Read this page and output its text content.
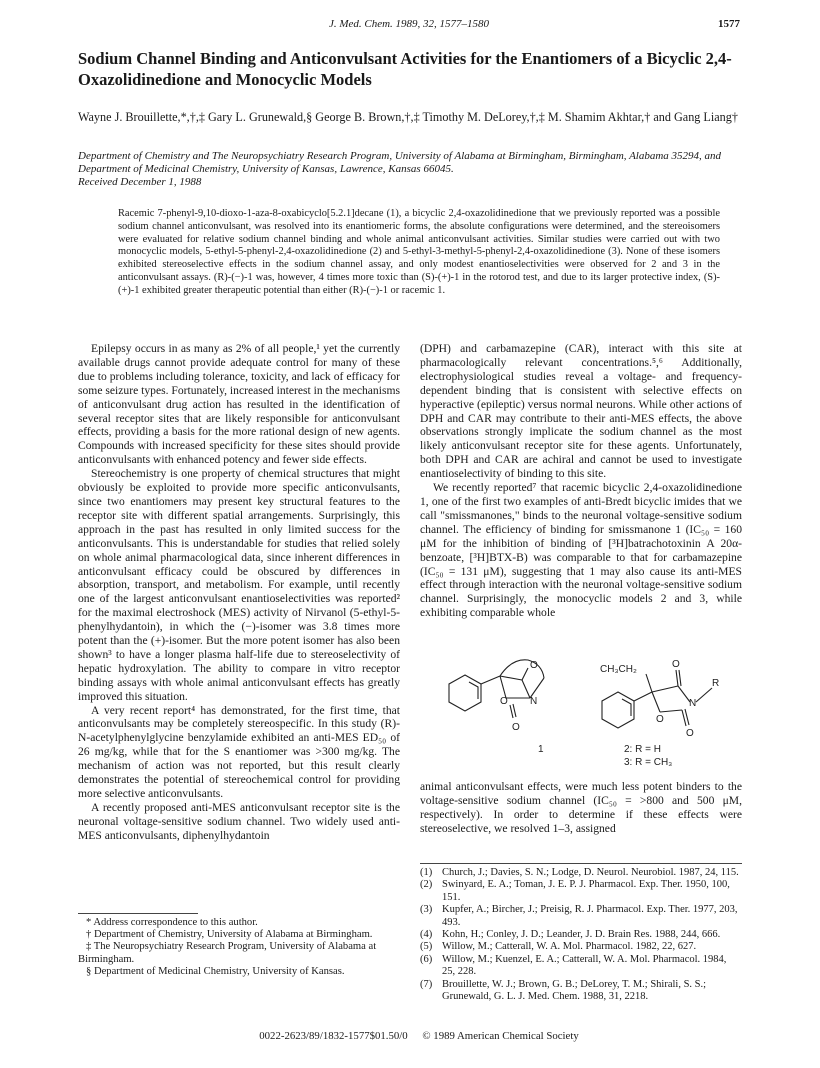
J. Med. Chem. 1989, 32, 1577–1580	1577
Sodium Channel Binding and Anticonvulsant Activities for the Enantiomers of a Bicyclic 2,4-Oxazolidinedione and Monocyclic Models
Wayne J. Brouillette,*,†,‡ Gary L. Grunewald,§ George B. Brown,†,‡ Timothy M. DeLorey,†,‡ M. Shamim Akhtar,† and Gang Liang†
Department of Chemistry and The Neuropsychiatry Research Program, University of Alabama at Birmingham, Birmingham, Alabama 35294, and Department of Medicinal Chemistry, University of Kansas, Lawrence, Kansas 66045.
Received December 1, 1988
Racemic 7-phenyl-9,10-dioxo-1-aza-8-oxabicyclo[5.2.1]decane (1), a bicyclic 2,4-oxazolidinedione that we previously reported was a possible sodium channel anticonvulsant, was resolved into its enantiomeric forms, the absolute configurations were determined, and the stereoisomers were evaluated for relative sodium channel binding and whole animal anticonvulsant activities. Similar studies were carried out with two monocyclic models, 5-ethyl-5-phenyl-2,4-oxazolidinedione (2) and 5-ethyl-3-methyl-5-phenyl-2,4-oxazolidinedione (3). None of these isomers exhibited stereoselective effects in the sodium channel assay, and only modest enantioselectivities were observed for 2 and 3 in the anticonvulsant assays. (R)-(−)-1 was, however, 4 times more toxic than (S)-(+)-1 in the rotorod test, and due to its larger protective index, (S)-(+)-1 exhibited greater therapeutic potential than either (R)-(−)-1 or racemic 1.

Epilepsy occurs in as many as 2% of all people,¹ yet the currently available drugs cannot provide adequate control for many of these due to problems including tolerance, toxicity, and lack of efficacy for some seizure types. Fortunately, increased interest in the mechanisms of anticonvulsant drug action has resulted in the identification of several receptor sites that are likely responsible for anticonvulsant effects, providing a basis for the more rational design of new agents. Compounds with increased specificity for these sites should provide anticonvulsants with enhanced potency and fewer side effects.

Stereochemistry is one property of chemical structures that might obviously be exploited to provide more specific anticonvulsants, since two enantiomers may present key structural features to the receptor site with different spatial arrangements. Surprisingly, this approach in the past has resulted in only limited success for the anticonvulsants. This is understandable for studies that relied solely on whole animal pharmacological data, since inherent differences in anticonvulsant efficacy could be obscured by differences in absorption, transport, and metabolism. For example, until recently one of the largest anticonvulsant enantioselectivities was reported² for the maximal electroshock (MES) activity of Nirvanol (5-ethyl-5-phenylhydantoin), in which the (−)-isomer was 3.8 times more potent than the (+)-isomer. But the more potent isomer has also been shown³ to have a longer plasma half-life due to stereoselectivity of hepatic hydroxylation. The ability to compare in vitro receptor binding assays with whole animal anticonvulsant effects has greatly improved this situation.

A very recent report⁴ has demonstrated, for the first time, that anticonvulsants may be completely stereospecific. In this study (R)-N-acetylphenylglycine benzylamide exhibited an anti-MES ED₅₀ of 26 mg/kg, while that for the S enantiomer was >300 mg/kg. The mechanism of action was not reported, but this result clearly demonstrates the potential of stereochemical control for providing more selective anticonvulsants.

A recently proposed anti-MES anticonvulsant receptor site is the neuronal voltage-sensitive sodium channel. Two widely used anti-MES anticonvulsants, diphenylhydantoin

(DPH) and carbamazepine (CAR), interact with this site at pharmacologically relevant concentrations.⁵,⁶ Additionally, electrophysiological studies reveal a voltage- and frequency-dependent binding that is consistent with selective effects on hyperactive (epileptic) versus normal neurons. While other actions of DPH and CAR may contribute to their anti-MES effects, the above observations strongly implicate the sodium channel as the most likely anticonvulsant receptor site for these agents. Unfortunately, both DPH and CAR are achiral and cannot be used to investigate enantioselectivity of binding to this site.

We recently reported⁷ that racemic bicyclic 2,4-oxazolidinedione 1, one of the first two examples of anti-Bredt bicyclic imides that we call "smissmanones," binds to the neuronal voltage-sensitive sodium channel. The efficiency of binding for smissmanone 1 (IC₅₀ = 160 μM for the inhibition of binding of [³H]batrachotoxinin A 20α-benzoate, [³H]BTX-B) was comparable to that for carbamazepine (IC₅₀ = 131 μM), suggesting that 1 may also cause its anti-MES effect through interaction with the neuronal voltage-sensitive sodium channel. Surprisingly, the monocyclic models 2 and 3, while exhibiting comparable whole

O
N
O
O
1
O
CH₃CH₂
N
R
O
O
2: R = H
3: R = CH₃

animal anticonvulsant effects, were much less potent binders to the voltage-sensitive sodium channel (IC₅₀ = >800 and 500 μM, respectively). In order to determine if these effects were stereoselective, we resolved 1–3, assigned

* Address correspondence to this author.
† Department of Chemistry, University of Alabama at Birmingham.
‡ The Neuropsychiatry Research Program, University of Alabama at Birmingham.
§ Department of Medicinal Chemistry, University of Kansas.
(1) Church, J.; Davies, S. N.; Lodge, D. Neurol. Neurobiol. 1987, 24, 115.
(2) Swinyard, E. A.; Toman, J. E. P. J. Pharmacol. Exp. Ther. 1950, 100, 151.
(3) Kupfer, A.; Bircher, J.; Preisig, R. J. Pharmacol. Exp. Ther. 1977, 203, 493.
(4) Kohn, H.; Conley, J. D.; Leander, J. D. Brain Res. 1988, 244, 666.
(5) Willow, M.; Catterall, W. A. Mol. Pharmacol. 1982, 22, 627.
(6) Willow, M.; Kuenzel, E. A.; Catterall, W. A. Mol. Pharmacol. 1984, 25, 228.
(7) Brouillette, W. J.; Brown, G. B.; DeLorey, T. M.; Shirali, S. S.; Grunewald, G. L. J. Med. Chem. 1988, 31, 2218.
0022-2623/89/1832-1577$01.50/0 © 1989 American Chemical Society
